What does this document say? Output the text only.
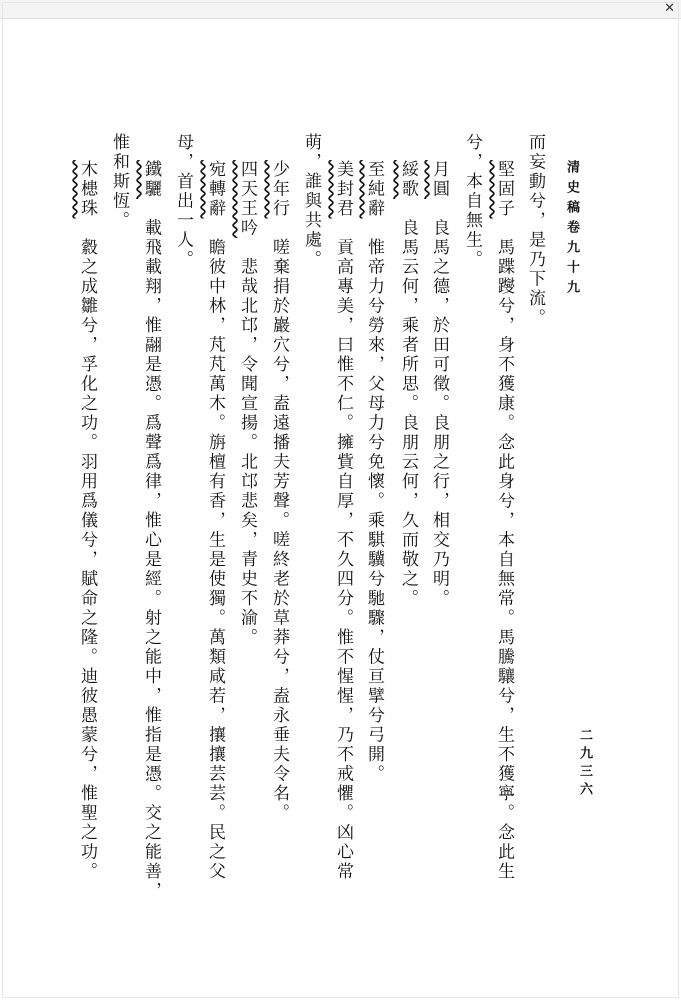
✕
清史稿卷九十九
二九三六
而妄動兮，是乃下流。
堅固子　馬蹀躞兮，身不獲康。念此身兮，本自無常。馬騰驤兮，生不獲寧。念此生
兮，本自無生。
月圓　良馬之德，於田可徵。良朋之行，相交乃明。
綏歌　良馬云何，乘者所思。良朋云何，久而敬之。
至純辭　惟帝力兮勞來，父母力兮免懷。乘騏驥兮馳驟，仗亘擘兮弓開。
美封君　貢高專美，曰惟不仁。擁貲自厚，不久四分。惟不惺惺，乃不戒懼。凶心常
萌，誰與共處。
少年行　嗟棄捐於巖穴兮，盍遠播夫芳聲。嗟終老於草莽兮，盍永垂夫令名。
四天王吟　悲哉北邙，令聞宣揚。北邙悲矣，青史不渝。
宛轉辭　瞻彼中林，芃芃萬木。旃檀有香，生是使獨。萬類咸若，攘攘芸芸。民之父
母，首出一人。
鐵驪　載飛載翔，惟翮是憑。爲聲爲律，惟心是經。射之能中，惟指是憑。交之能善，
惟和斯恆。
木槵珠　縠之成雛兮，孚化之功。羽用爲儀兮，賦命之隆。迪彼愚蒙兮，惟聖之功。
